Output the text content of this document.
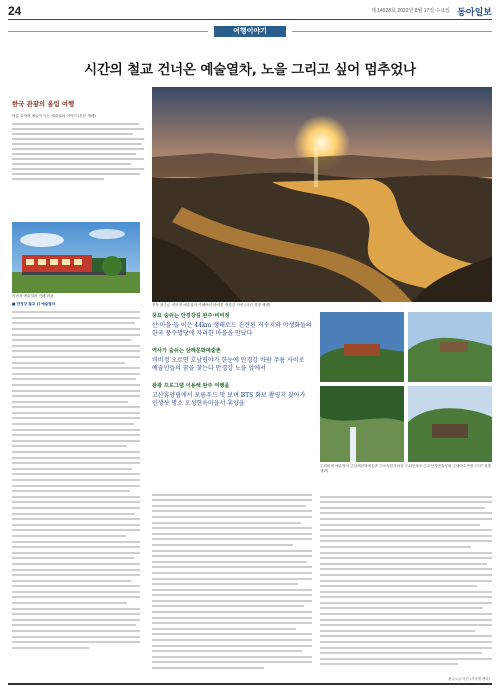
24	제 14928호 2022년 8월 17일 수요일 동아일보
여행이야기
시간의 철교 건너온 예술열차, 노을 그리고 싶어 멈추었나
한국 관광의 올림 여행
여름 끝자락 예술이 익는 예술열차 이야기 (본문 생략)
비비정 예술열차 카페 외관
전북 완주군 비비정 예술열차 카페에서 바라본 만경강 석양 (사진 설명 생략)
■ 만경강 철교 위 예술열차
풍요 숨쉬는 만경강길 완주·비비정
산·마을·들 이은 44km 생태로드 진견된 저수지와 야생화들의 한국 풍수명당에 자리한 마을을 만났다
역사가 숨쉬는 삼례문화예술촌
비비정 오르면 호남평야가 한눈에 만경강 바람 주름 사이로 예술인들의 꿈을 찾는다 만경강 노을 앞에서
관광 프로그램 이용해 완주 여행을
고산휴양림에서 포름푸드 맛 보며 BTS 화보 촬영지 찾아가 인생샷 명소 오성한옥마을서 휴양을
①비비정 예술열차 ②삼례문화예술촌 ③오성한옥마을 ④위봉폭포 ⑤고산자연휴양림 ⑥대아수목원 (사진 설명 생략)
완주=글·사진 (기자명 생략)
